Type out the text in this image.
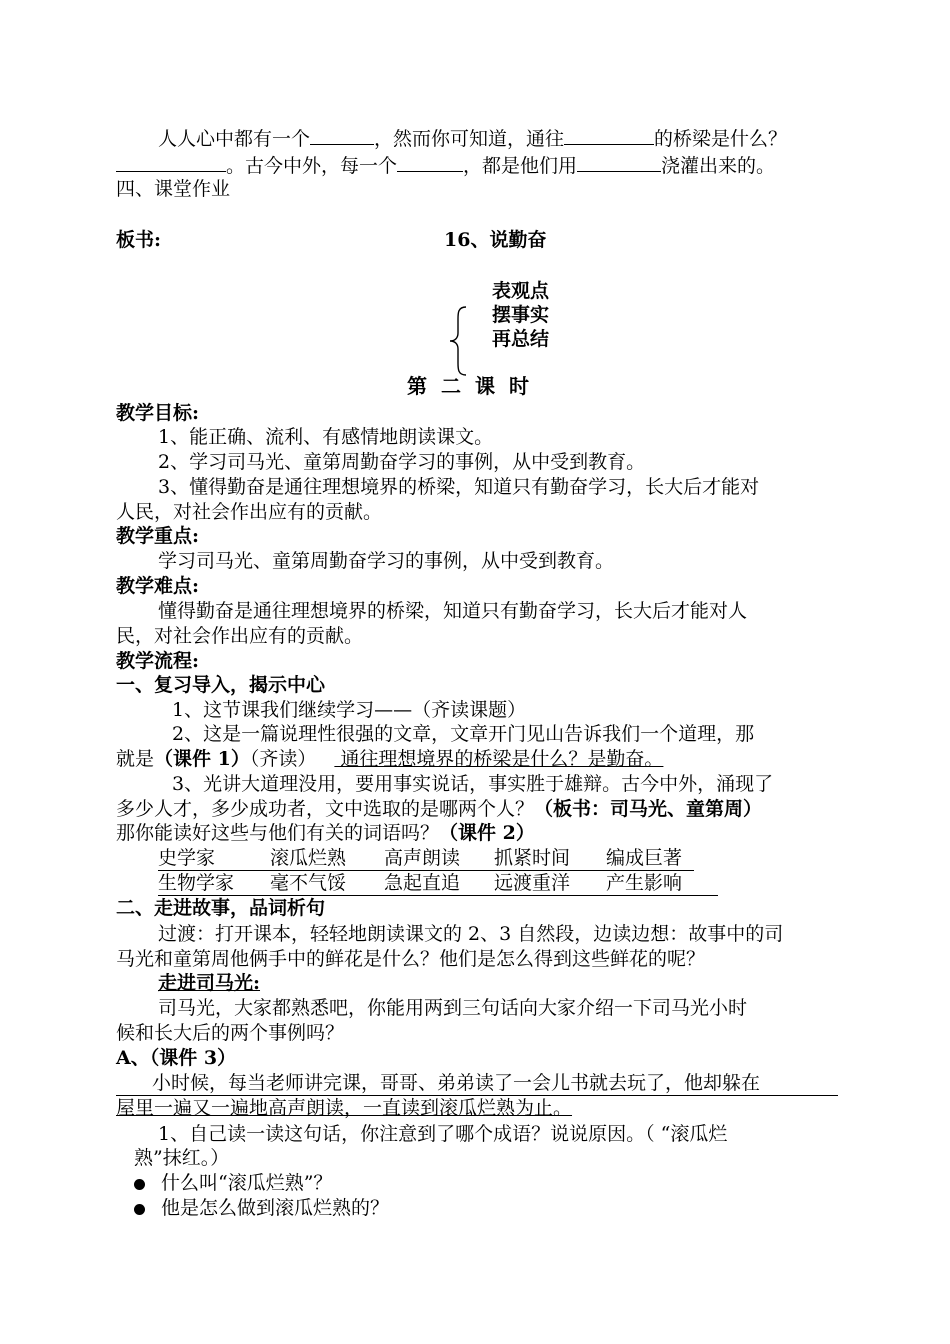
人人心中都有一个	，然而你可知道，通往	的桥梁是什么？
。古今中外，每一个	，都是他们用	浇灌出来的。
四、课堂作业
板书:	16、说勤奋
表观点
摆事实
再总结
第二课时
教学目标:
1、能正确、流利、有感情地朗读课文。
2、学习司马光、童第周勤奋学习的事例，从中受到教育。
3、懂得勤奋是通往理想境界的桥梁，知道只有勤奋学习，长大后才能对
人民，对社会作出应有的贡献。
教学重点:
学习司马光、童第周勤奋学习的事例，从中受到教育。
教学难点:
懂得勤奋是通往理想境界的桥梁，知道只有勤奋学习，长大后才能对人
民，对社会作出应有的贡献。
教学流程:
一、复习导入，揭示中心
1、这节课我们继续学习——（齐读课题）
2、这是一篇说理性很强的文章，文章开门见山告诉我们一个道理，那
就是（课件 1）（齐读） 通往理想境界的桥梁是什么？是勤奋。
3、光讲大道理没用，要用事实说话，事实胜于雄辩。古今中外，涌现了
多少人才，多少成功者，文中选取的是哪两个人？（板书：司马光、童第周）
那你能读好这些与他们有关的词语吗？（课件 2）
史学家	滚瓜烂熟 高声朗读 抓紧时间 编成巨著
生物学家 毫不气馁 急起直追 远渡重洋 产生影响
二、走进故事，品词析句
过渡：打开课本，轻轻地朗读课文的 2、3 自然段，边读边想：故事中的司
马光和童第周他俩手中的鲜花是什么？他们是怎么得到这些鲜花的呢？
走进司马光:
司马光，大家都熟悉吧，你能用两到三句话向大家介绍一下司马光小时
候和长大后的两个事例吗？
A、（课件 3）
小时候，每当老师讲完课，哥哥、弟弟读了一会儿书就去玩了，他却躲在
屋里一遍又一遍地高声朗读，一直读到滚瓜烂熟为止。
1、自己读一读这句话，你注意到了哪个成语？说说原因。（ “滚瓜烂
熟”抹红。）
什么叫“滚瓜烂熟”？
他是怎么做到滚瓜烂熟的？
